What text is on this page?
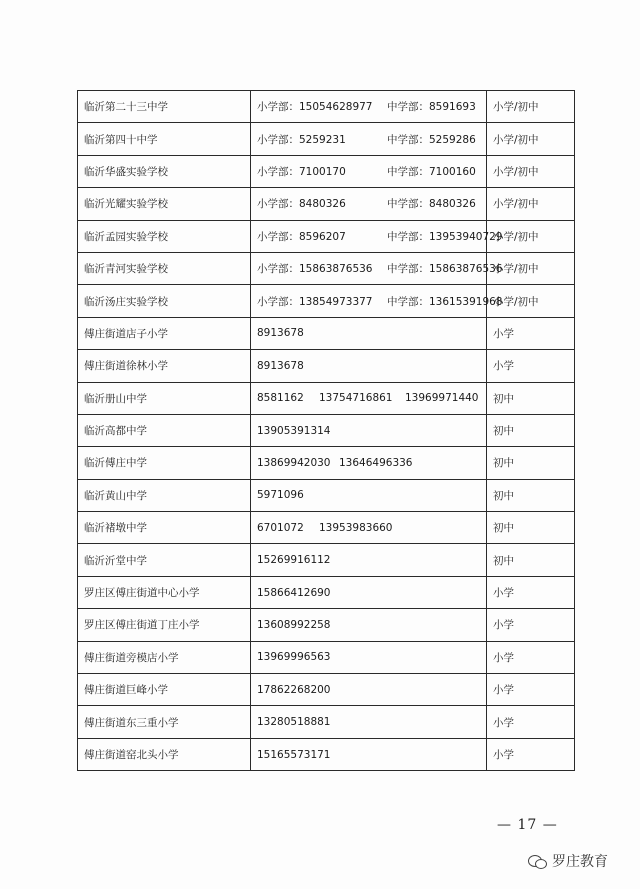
临沂第二十三中学	小学部：15054628977 中学部：8591693	小学/初中
临沂第四十中学	小学部：5259231 中学部：5259286	小学/初中
临沂华盛实验学校	小学部：7100170 中学部：7100160	小学/初中
临沂光耀实验学校	小学部：8480326 中学部：8480326	小学/初中
临沂孟园实验学校	小学部：8596207 中学部：13953940729	小学/初中
临沂青河实验学校	小学部：15863876536 中学部：15863876536	小学/初中
临沂汤庄实验学校	小学部：13854973377 中学部：13615391968	小学/初中
傅庄街道店子小学	8913678	小学
傅庄街道徐林小学	8913678	小学
临沂册山中学	8581162 13754716861 13969971440	初中
临沂高都中学	13905391314	初中
临沂傅庄中学	13869942030 13646496336	初中
临沂黄山中学	5971096	初中
临沂褚墩中学	6701072 13953983660	初中
临沂沂堂中学	15269916112	初中
罗庄区傅庄街道中心小学	15866412690	小学
罗庄区傅庄街道丁庄小学	13608992258	小学
傅庄街道旁模店小学	13969996563	小学
傅庄街道巨峰小学	17862268200	小学
傅庄街道东三重小学	13280518881	小学
傅庄街道窑北头小学	15165573171	小学
— 17 —
罗庄教育
